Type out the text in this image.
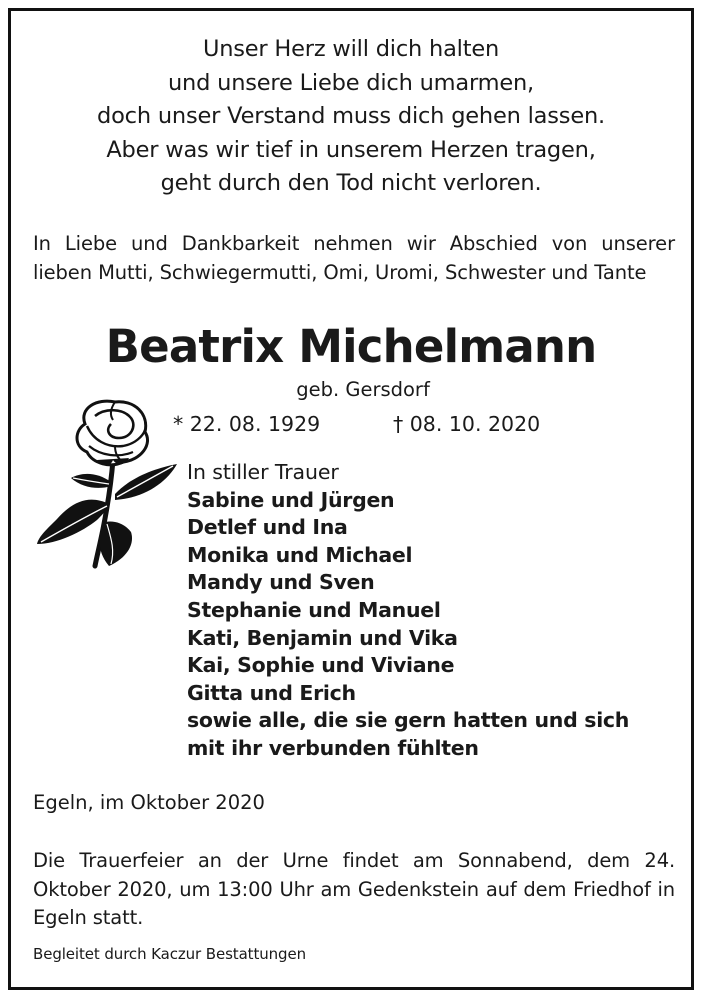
Unser Herz will dich halten
und unsere Liebe dich umarmen,
doch unser Verstand muss dich gehen lassen.
Aber was wir tief in unserem Herzen tragen,
geht durch den Tod nicht verloren.
In Liebe und Dankbarkeit nehmen wir Abschied von unserer lieben Mutti, Schwiegermutti, Omi, Uromi, Schwester und Tante
Beatrix Michelmann
geb. Gersdorf
* 22. 08. 1929	† 08. 10. 2020
In stiller Trauer
Sabine und Jürgen
Detlef und Ina
Monika und Michael
Mandy und Sven
Stephanie und Manuel
Kati, Benjamin und Vika
Kai, Sophie und Viviane
Gitta und Erich
sowie alle, die sie gern hatten und sich
mit ihr verbunden fühlten
Egeln, im Oktober 2020
Die Trauerfeier an der Urne findet am Sonnabend, dem 24. Oktober 2020, um 13:00 Uhr am Gedenkstein auf dem Friedhof in Egeln statt.
Begleitet durch Kaczur Bestattungen
